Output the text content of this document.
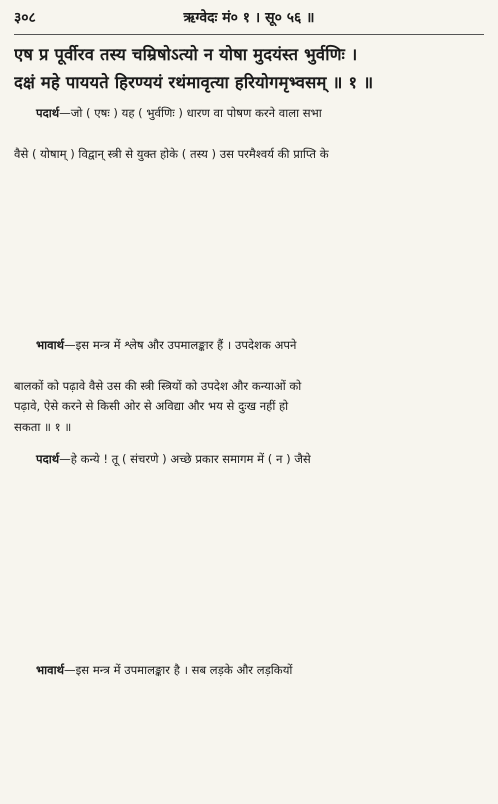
३०८	ऋग्वेदः मं० १ । सू० ५६ ॥
एष प्र पूर्वीरव तस्य चम्रिषोऽत्यो न योषा मुदयंस्त भुर्वणिः ।
दक्षं महे पाययते हिरण्ययं रथंमावृत्या हरियोगमृभ्वसम् ॥ १ ॥
पदार्थ—जो ( एषः ) यह ( भुर्वणिः ) धारण वा पोषण करने वाला सभा
वैसे ( योषाम् ) विद्वान् स्त्री से युक्त होके ( तस्य ) उस परमैश्वर्य की प्राप्ति के
भावार्थ—इस मन्त्र में श्लेष और उपमालङ्कार हैं । उपदेशक अपने
बालकों को पढ़ावे वैसे उस की स्त्री स्त्रियों को उपदेश और कन्याओं को
पढ़ावे, ऐसे करने से किसी ओर से अविद्या और भय से दुःख नहीं हो
सकता ॥ १ ॥
पदार्थ—हे कन्ये ! तू ( संचरणे ) अच्छे प्रकार समागम में ( न ) जैसे
भावार्थ—इस मन्त्र में उपमालङ्कार है । सब लड़के और लड़कियों
